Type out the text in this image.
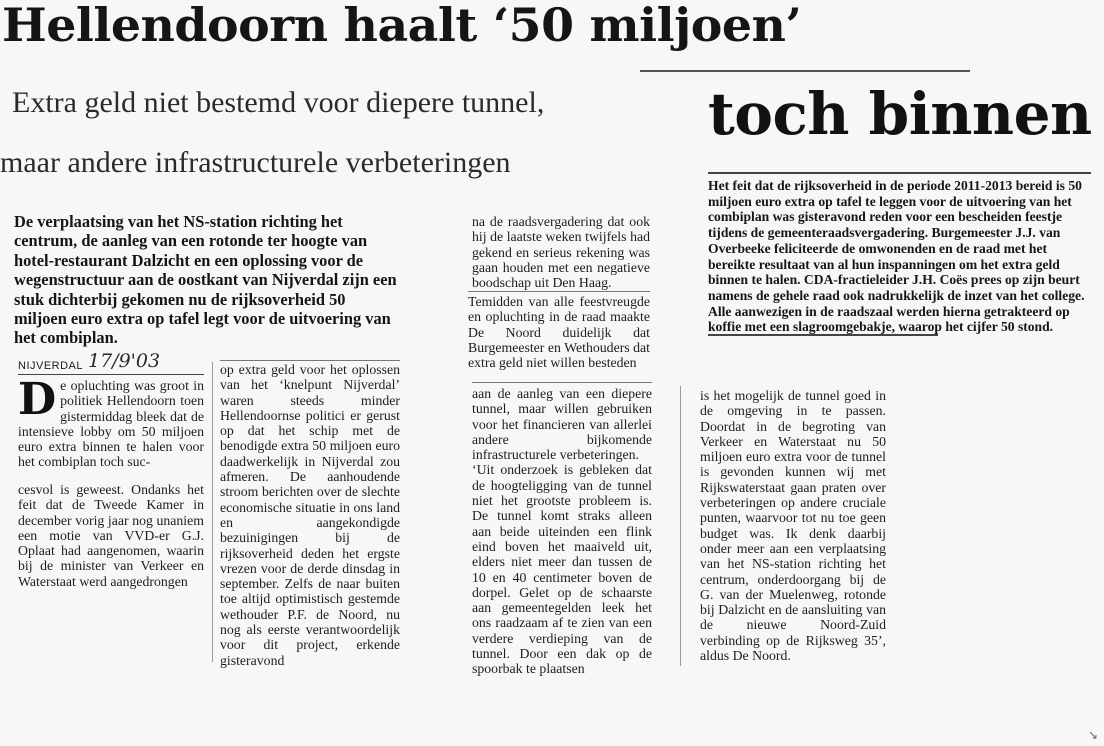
Hellendoorn haalt ‘50 miljoen’
toch binnen
Extra geld niet bestemd voor diepere tunnel,
maar andere infrastructurele verbeteringen
De verplaatsing van het NS-station richting het centrum, de aanleg van een rotonde ter hoogte van hotel-restaurant Dalzicht en een oplossing voor de wegenstructuur aan de oostkant van Nijverdal zijn een stuk dichterbij gekomen nu de rijksoverheid 50 miljoen euro extra op tafel legt voor de uitvoering van het combiplan.
NIJVERDAL 17/9'03
De opluchting was groot in politiek Hellendoorn toen gistermiddag bleek dat de intensieve lobby om 50 miljoen euro extra binnen te halen voor het combiplan toch suc-
cesvol is geweest. Ondanks het feit dat de Tweede Kamer in december vorig jaar nog unaniem een motie van VVD-er G.J. Oplaat had aangenomen, waarin bij de minister van Verkeer en Waterstaat werd aangedrongen
op extra geld voor het oplossen van het ‘knelpunt Nijverdal’ waren steeds minder Hellendoornse politici er gerust op dat het schip met de benodigde extra 50 miljoen euro daadwerkelijk in Nijverdal zou afmeren. De aanhoudende stroom berichten over de slechte economische situatie in ons land en aangekondigde bezuinigingen bij de rijksoverheid deden het ergste vrezen voor de derde dinsdag in september. Zelfs de naar buiten toe altijd optimistisch gestemde wethouder P.F. de Noord, nu nog als eerste verantwoordelijk voor dit project, erkende gisteravond
na de raadsvergadering dat ook hij de laatste weken twijfels had gekend en serieus rekening was gaan houden met een negatieve boodschap uit Den Haag.
Temidden van alle feestvreugde en opluchting in de raad maakte De Noord duidelijk dat Burgemeester en Wethouders dat extra geld niet willen besteden
aan de aanleg van een diepere tunnel, maar willen gebruiken voor het financieren van allerlei andere bijkomende infrastructurele verbeteringen.
‘Uit onderzoek is gebleken dat de hoogteligging van de tunnel niet het grootste probleem is. De tunnel komt straks alleen aan beide uiteinden een flink eind boven het maaiveld uit, elders niet meer dan tussen de 10 en 40 centimeter boven de dorpel. Gelet op de schaarste aan gemeentegelden leek het ons raadzaam af te zien van een verdere verdieping van de tunnel. Door een dak op de spoorbak te plaatsen
is het mogelijk de tunnel goed in de omgeving in te passen. Doordat in de begroting van Verkeer en Waterstaat nu 50 miljoen euro extra voor de tunnel is gevonden kunnen wij met Rijkswaterstaat gaan praten over verbeteringen op andere cruciale punten, waarvoor tot nu toe geen budget was. Ik denk daarbij onder meer aan een verplaatsing van het NS-station richting het centrum, onderdoorgang bij de G. van der Muelenweg, rotonde bij Dalzicht en de aansluiting van de nieuwe Noord-Zuid verbinding op de Rijksweg 35’, aldus De Noord.
Het feit dat de rijksoverheid in de periode 2011-2013 bereid is 50 miljoen euro extra op tafel te leggen voor de uitvoering van het combiplan was gisteravond reden voor een bescheiden feestje tijdens de gemeenteraadsvergadering. Burgemeester J.J. van Overbeeke feliciteerde de omwonenden en de raad met het bereikte resultaat van al hun inspanningen om het extra geld binnen te halen. CDA-fractieleider J.H. Coës prees op zijn beurt namens de gehele raad ook nadrukkelijk de inzet van het college. Alle aanwezigen in de raadszaal werden hierna getrakteerd op koffie met een slagroomgebakje, waarop het cijfer 50 stond.
↘
